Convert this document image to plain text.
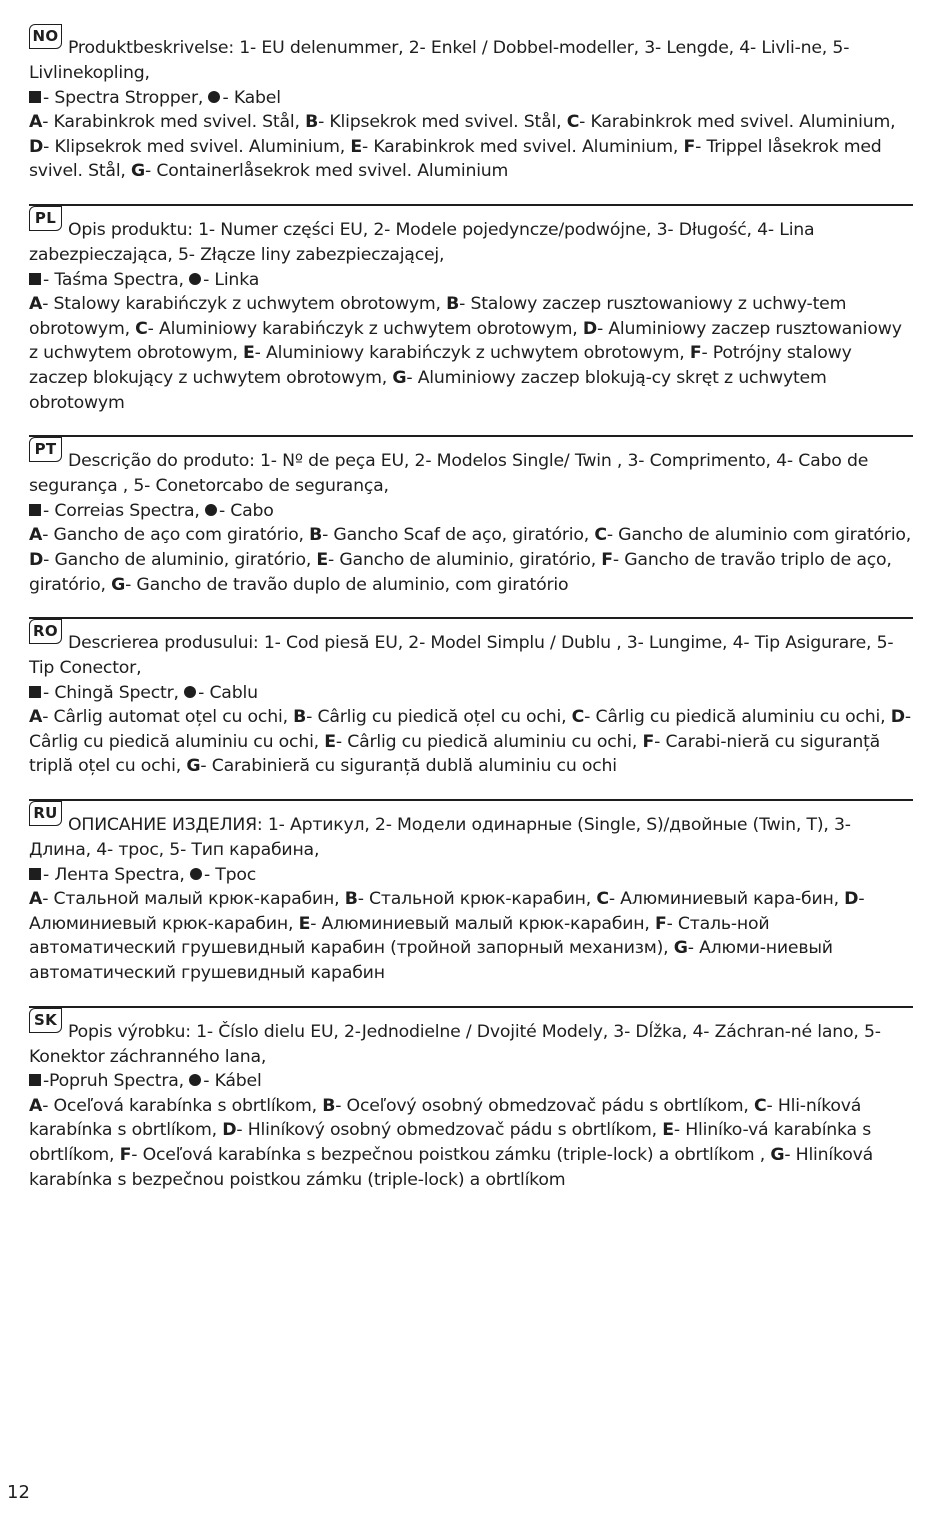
NOProduktbeskrivelse: 1- EU delenummer, 2- Enkel / Dobbel-modeller, 3- Lengde, 4- Livli-ne, 5- Livlinekopling,

- Spectra Stropper, - Kabel

A- Karabinkrok med svivel. Stål, B- Klipsekrok med svivel. Stål, C- Karabinkrok med svivel. Aluminium, D- Klipsekrok med svivel. Aluminium, E- Karabinkrok med svivel. Aluminium, F- Trippel låsekrok med svivel. Stål, G- Containerlåsekrok med svivel. Aluminium

PLOpis produktu: 1- Numer części EU, 2- Modele pojedyncze/podwójne, 3- Długość, 4- Lina zabezpieczająca, 5- Złącze liny zabezpieczającej,

- Taśma Spectra, - Linka

A- Stalowy karabińczyk z uchwytem obrotowym, B- Stalowy zaczep rusztowaniowy z uchwy-tem obrotowym, C- Aluminiowy karabińczyk z uchwytem obrotowym, D- Aluminiowy zaczep rusztowaniowy z uchwytem obrotowym, E- Aluminiowy karabińczyk z uchwytem obrotowym, F- Potrójny stalowy zaczep blokujący z uchwytem obrotowym, G- Aluminiowy zaczep blokują-cy skręt z uchwytem obrotowym

PTDescrição do produto: 1- Nº de peça EU, 2- Modelos Single/ Twin , 3- Comprimento, 4- Cabo de segurança , 5- Conetorcabo de segurança,

- Correias Spectra, - Cabo

A- Gancho de aço com giratório, B- Gancho Scaf de aço, giratório, C- Gancho de aluminio com giratório, D- Gancho de aluminio, giratório, E- Gancho de aluminio, giratório, F- Gancho de travão triplo de aço, giratório, G- Gancho de travão duplo de aluminio, com giratório

RODescrierea produsului: 1- Cod piesă EU, 2- Model Simplu / Dublu , 3- Lungime, 4- Tip Asigurare, 5- Tip Conector,

- Chingă Spectr, - Cablu

A- Cârlig automat oțel cu ochi, B- Cârlig cu piedică oțel cu ochi, C- Cârlig cu piedică aluminiu cu ochi, D- Cârlig cu piedică aluminiu cu ochi, E- Cârlig cu piedică aluminiu cu ochi, F- Carabi-nieră cu siguranță triplă oțel cu ochi, G- Carabinieră cu siguranță dublă aluminiu cu ochi

RUОПИСАНИЕ ИЗДЕЛИЯ: 1- Артикул, 2- Модели одинарные (Single, S)/двойные (Twin, T), 3- Длина, 4- трос, 5- Тип карабина,

- Лента Spectra, - Трос

A- Стальной малый крюк-карабин, B- Стальной крюк-карабин, C- Алюминиевый кара-бин, D- Алюминиевый крюк-карабин, E- Алюминиевый малый крюк-карабин, F- Сталь-ной автоматический грушевидный карабин (тройной запорный механизм), G- Алюми-ниевый автоматический грушевидный карабин

SKPopis výrobku: 1- Číslo dielu EU, 2-Jednodielne / Dvojité Modely, 3- Dĺžka, 4- Záchran-né lano, 5- Konektor záchranného lana,

-Popruh Spectra, - Kábel

A- Oceľová karabínka s obrtlíkom, B- Oceľový osobný obmedzovač pádu s obrtlíkom, C- Hli-níková karabínka s obrtlíkom, D- Hliníkový osobný obmedzovač pádu s obrtlíkom, E- Hliníko-vá karabínka s obrtlíkom, F- Oceľová karabínka s bezpečnou poistkou zámku (triple-lock) a obrtlíkom , G- Hliníková karabínka s bezpečnou poistkou zámku (triple-lock) a obrtlíkom

12
